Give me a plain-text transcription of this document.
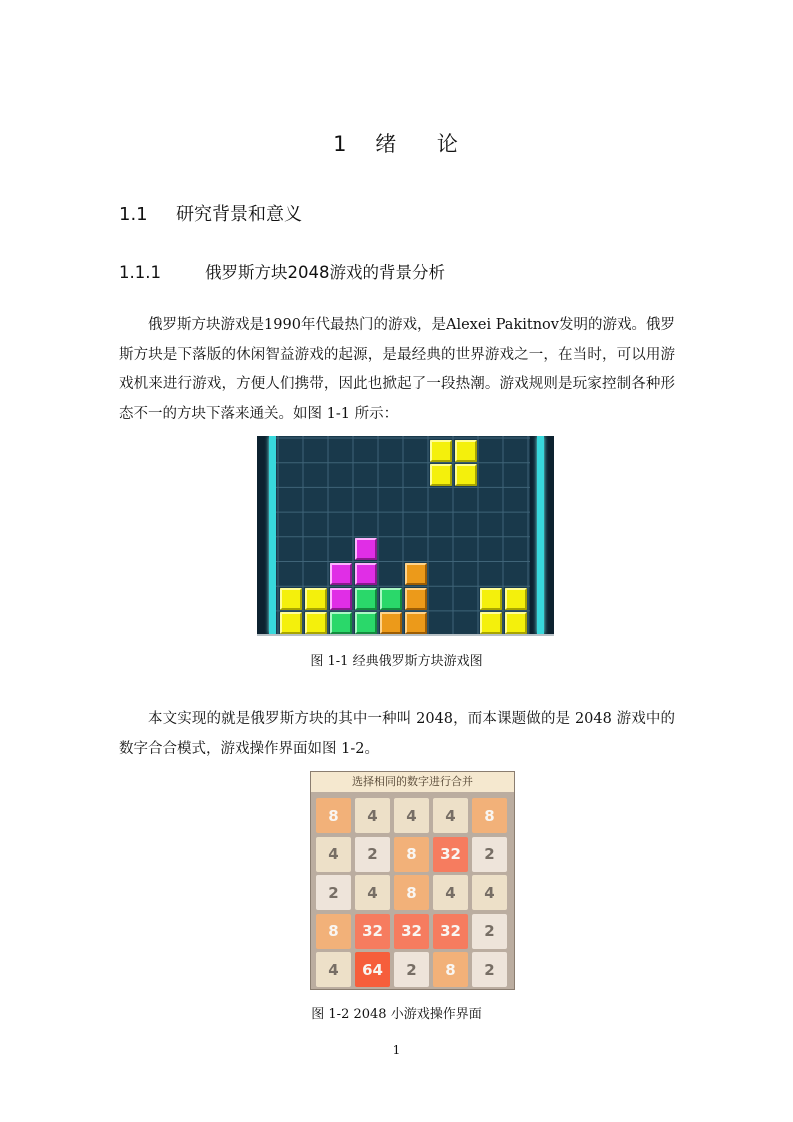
1 绪 论
1.1 研究背景和意义
1.1.1	俄罗斯方块2048游戏的背景分析

俄罗斯方块游戏是1990年代最热门的游戏，是Alexei Pakitnov发明的游戏。俄罗斯方块是下落版的休闲智益游戏的起源，是最经典的世界游戏之一，在当时，可以用游戏机来进行游戏，方便人们携带，因此也掀起了一段热潮。游戏规则是玩家控制各种形态不一的方块下落来通关。如图 1-1 所示：

图 1-1 经典俄罗斯方块游戏图

本文实现的就是俄罗斯方块的其中一种叫 2048，而本课题做的是 2048 游戏中的数字合合模式，游戏操作界面如图 1-2。

选择相同的数字进行合并
8	4	4	4	8
4	2	8	32	2
2	4	8	4	4
8	32	32	32	2
4	64	2	8	2
图 1-2 2048 小游戏操作界面
1
